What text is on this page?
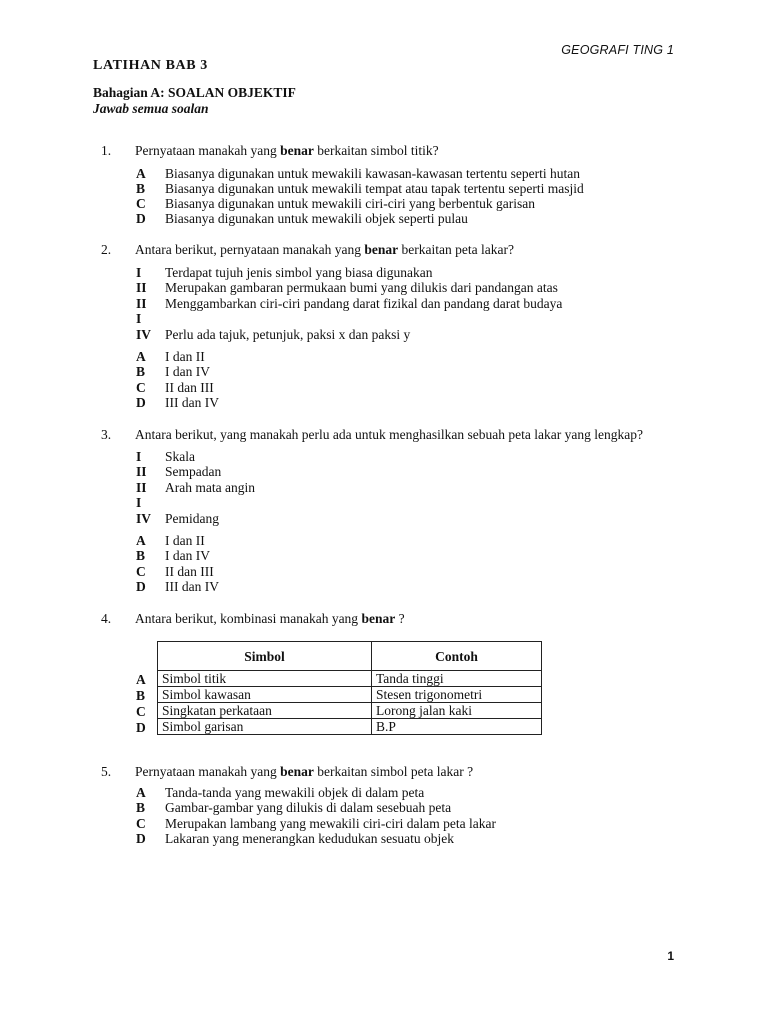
GEOGRAFI TING 1
LATIHAN BAB 3
Bahagian A: SOALAN OBJEKTIF
Jawab semua soalan
1. Pernyataan manakah yang benar berkaitan simbol titik?
A Biasanya digunakan untuk mewakili kawasan-kawasan tertentu seperti hutan
B Biasanya digunakan untuk mewakili tempat atau tapak tertentu seperti masjid
C Biasanya digunakan untuk mewakili ciri-ciri yang berbentuk garisan
D Biasanya digunakan untuk mewakili objek seperti pulau
2. Antara berikut, pernyataan manakah yang benar berkaitan peta lakar?
I Terdapat tujuh jenis simbol yang biasa digunakan
II Merupakan gambaran permukaan bumi yang dilukis dari pandangan atas
II Menggambarkan ciri-ciri pandang darat fizikal dan pandang darat budaya
I
IV Perlu ada tajuk, petunjuk, paksi x dan paksi y
A I dan II
B I dan IV
C II dan III
D III dan IV
3. Antara berikut, yang manakah perlu ada untuk menghasilkan sebuah peta lakar yang lengkap?
I Skala
II Sempadan
II Arah mata angin
I
IV Pemidang
A I dan II
B I dan IV
C II dan III
D III dan IV
4. Antara berikut, kombinasi manakah yang benar ?
Simbol	Contoh
Simbol titik	Tanda tinggi
Simbol kawasan	Stesen trigonometri
Singkatan perkataan	Lorong jalan kaki
Simbol garisan	B.P
A
B
C
D
5. Pernyataan manakah yang benar berkaitan simbol peta lakar ?
A Tanda-tanda yang mewakili objek di dalam peta
B Gambar-gambar yang dilukis di dalam sesebuah peta
C Merupakan lambang yang mewakili ciri-ciri dalam peta lakar
D Lakaran yang menerangkan kedudukan sesuatu objek
1
